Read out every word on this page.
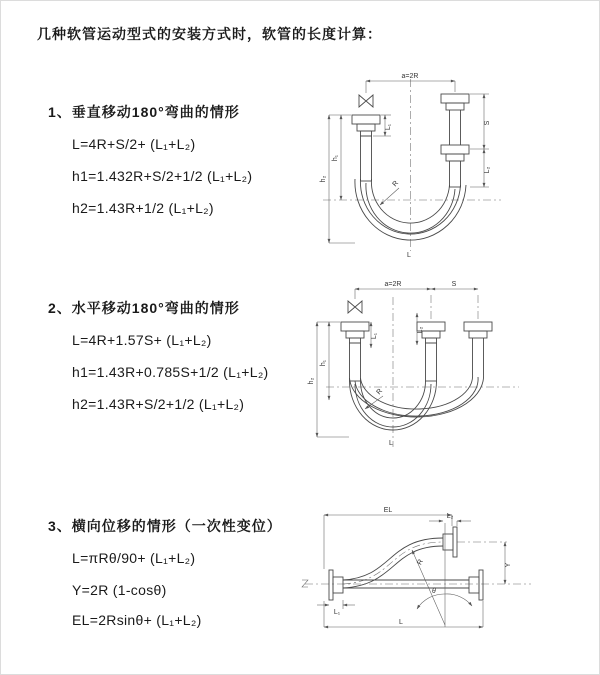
几种软管运动型式的安装方式时，软管的长度计算：
1、垂直移动180°弯曲的情形
L=4R+S/2+ (L₁+L₂)
h1=1.432R+S/2+1/2 (L₁+L₂)
h2=1.43R+1/2 (L₁+L₂)
2、水平移动180°弯曲的情形
L=4R+1.57S+ (L₁+L₂)
h1=1.43R+0.785S+1/2 (L₁+L₂)
h2=1.43R+S/2+1/2 (L₁+L₂)
3、横向位移的情形（一次性变位）
L=πRθ/90+ (L₁+L₂)
Y=2R (1-cosθ)
EL=2Rsinθ+ (L₁+L₂)
a=2R
h₂
h₁
L₁
S
L₂
R
L
a=2R	S
h₂
h₁
L₁
L₂
R
L
θ
R
EL
L₂
Y
L
L₁
